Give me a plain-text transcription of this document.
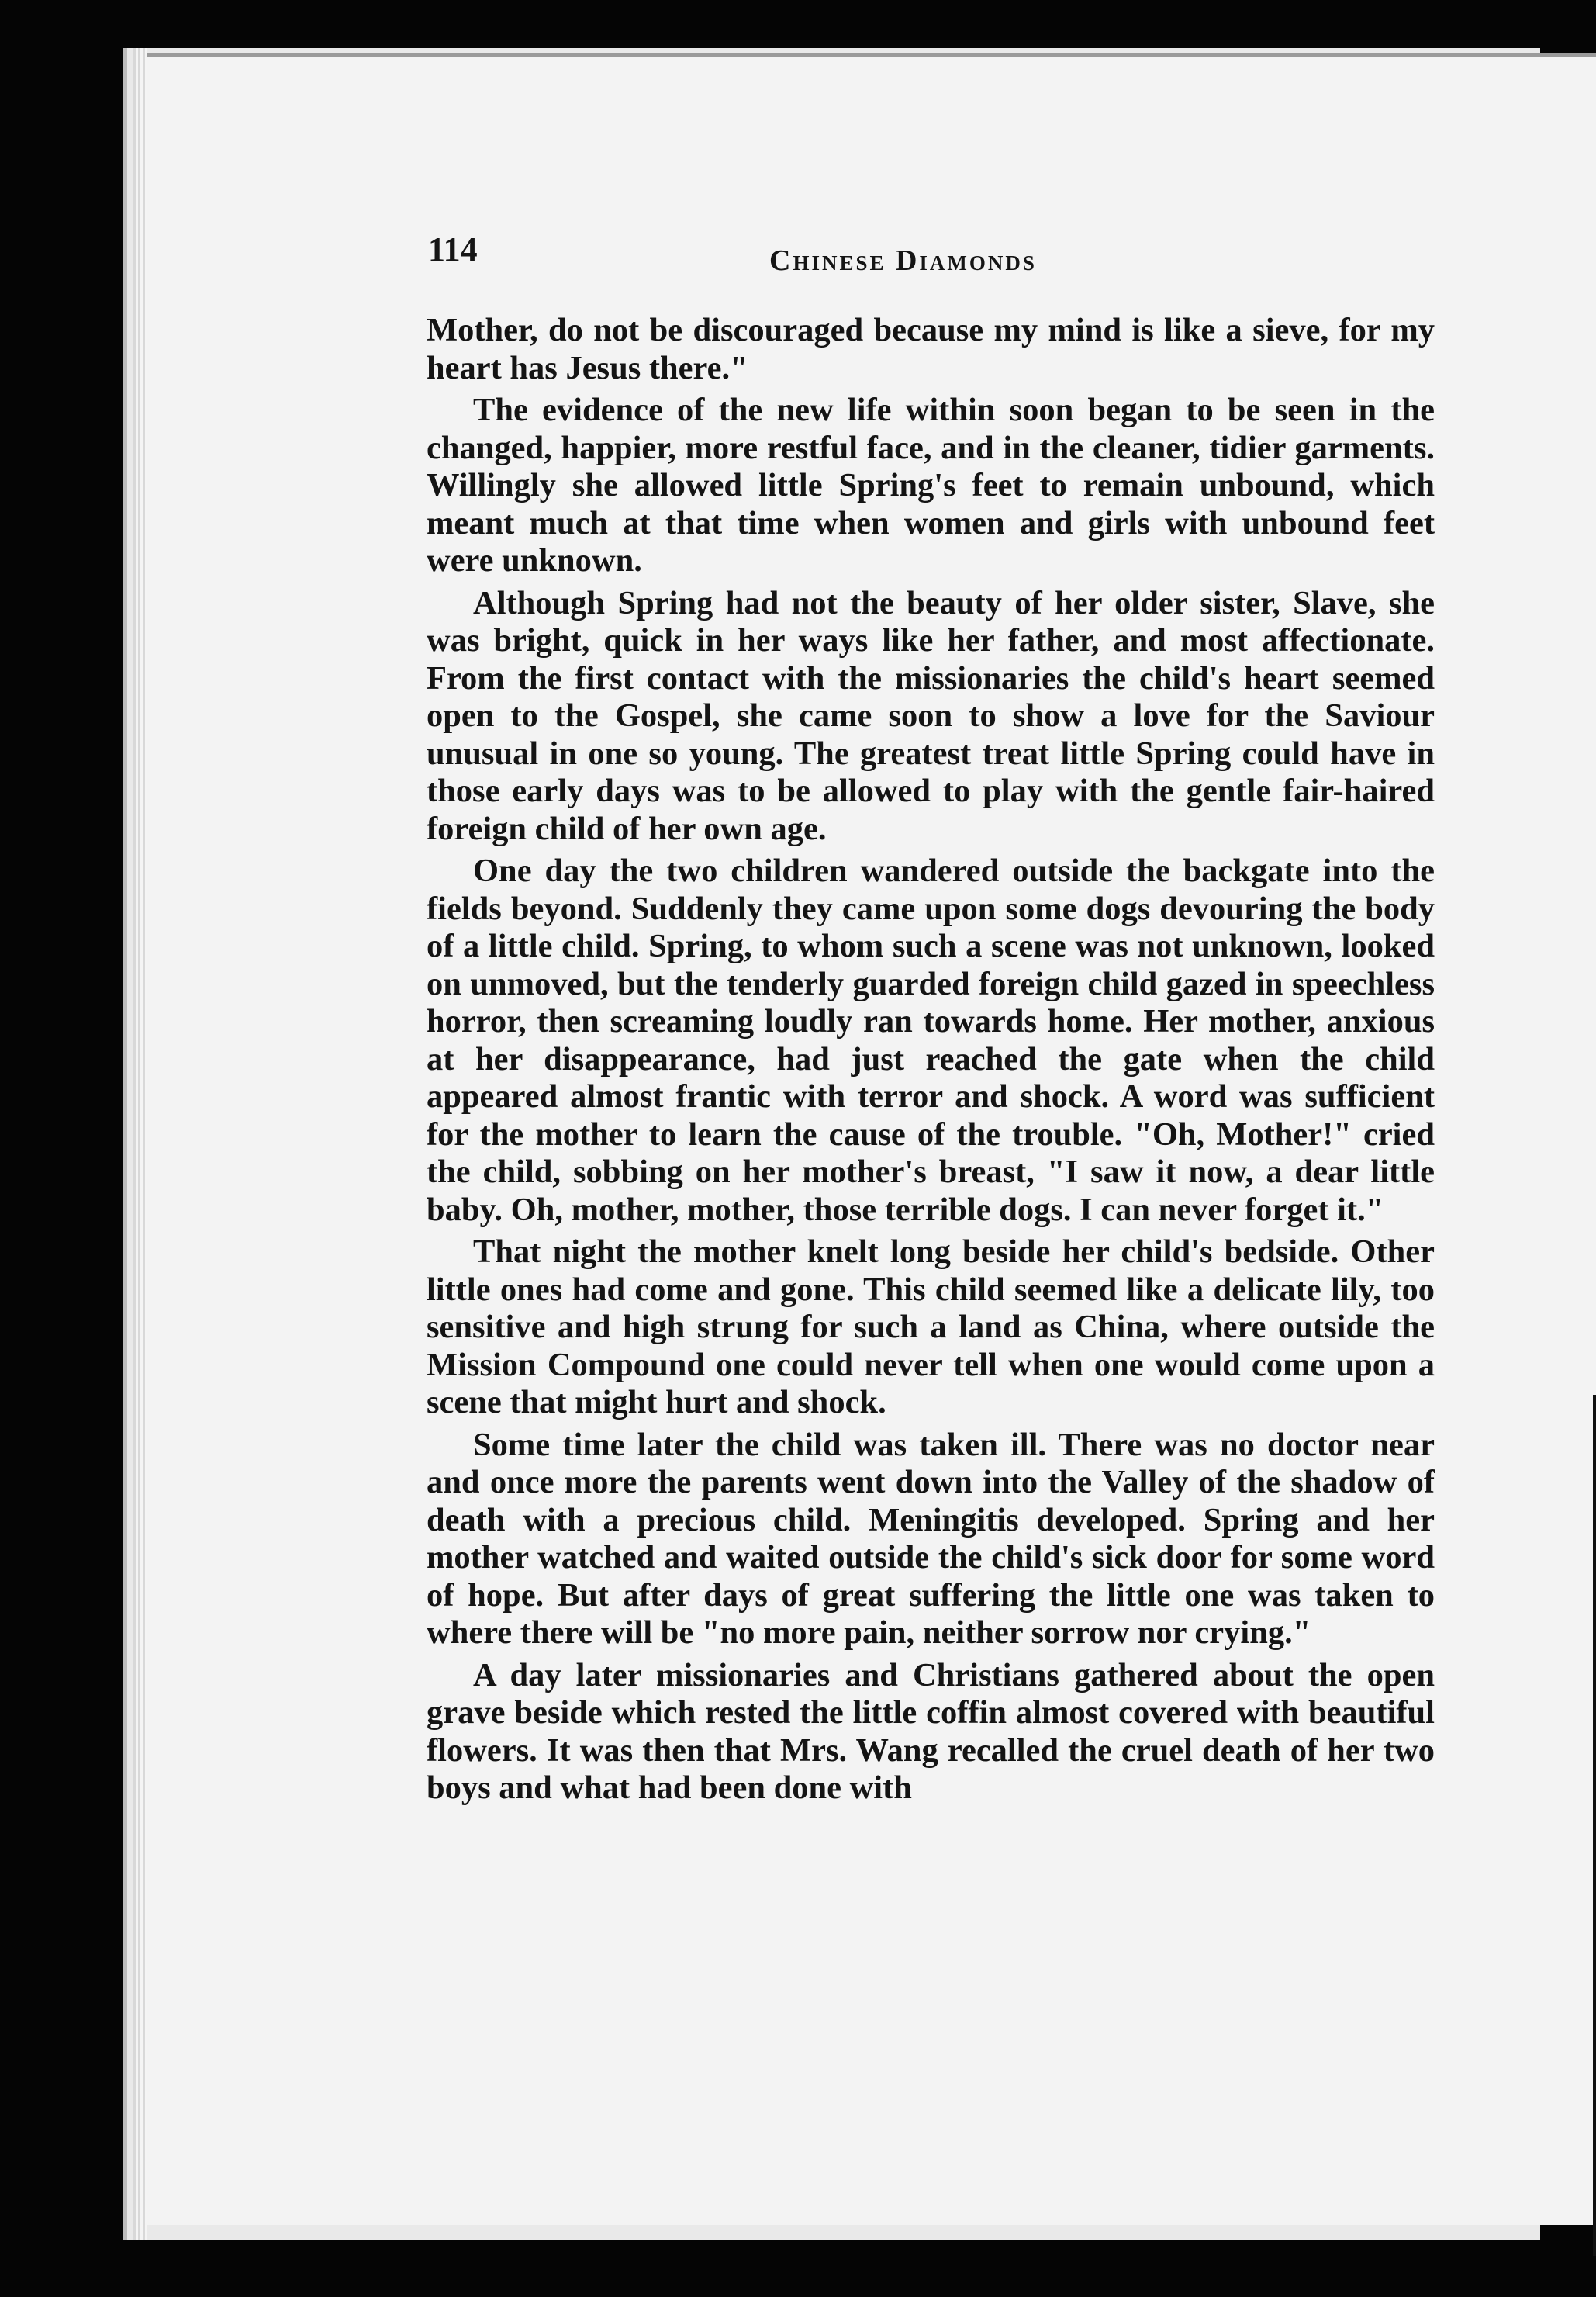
114	Chinese Diamonds

Mother, do not be discouraged because my mind is like a sieve, for my heart has Jesus there."

The evidence of the new life within soon began to be seen in the changed, happier, more restful face, and in the cleaner, tidier garments. Willingly she allowed little Spring's feet to remain unbound, which meant much at that time when women and girls with unbound feet were unknown.

Although Spring had not the beauty of her older sister, Slave, she was bright, quick in her ways like her father, and most affectionate. From the first contact with the missionaries the child's heart seemed open to the Gospel, she came soon to show a love for the Saviour unusual in one so young. The greatest treat little Spring could have in those early days was to be allowed to play with the gentle fair-haired foreign child of her own age.

One day the two children wandered outside the backgate into the fields beyond. Suddenly they came upon some dogs devouring the body of a little child. Spring, to whom such a scene was not unknown, looked on unmoved, but the tenderly guarded foreign child gazed in speechless horror, then screaming loudly ran towards home. Her mother, anxious at her disappearance, had just reached the gate when the child appeared almost frantic with terror and shock. A word was sufficient for the mother to learn the cause of the trouble. "Oh, Mother!" cried the child, sobbing on her mother's breast, "I saw it now, a dear little baby. Oh, mother, mother, those terrible dogs. I can never forget it."

That night the mother knelt long beside her child's bedside. Other little ones had come and gone. This child seemed like a delicate lily, too sensitive and high strung for such a land as China, where outside the Mission Compound one could never tell when one would come upon a scene that might hurt and shock.

Some time later the child was taken ill. There was no doctor near and once more the parents went down into the Valley of the shadow of death with a precious child. Meningitis developed. Spring and her mother watched and waited outside the child's sick door for some word of hope. But after days of great suffering the little one was taken to where there will be "no more pain, neither sorrow nor crying."

A day later missionaries and Christians gathered about the open grave beside which rested the little coffin almost covered with beautiful flowers. It was then that Mrs. Wang recalled the cruel death of her two boys and what had been done with
